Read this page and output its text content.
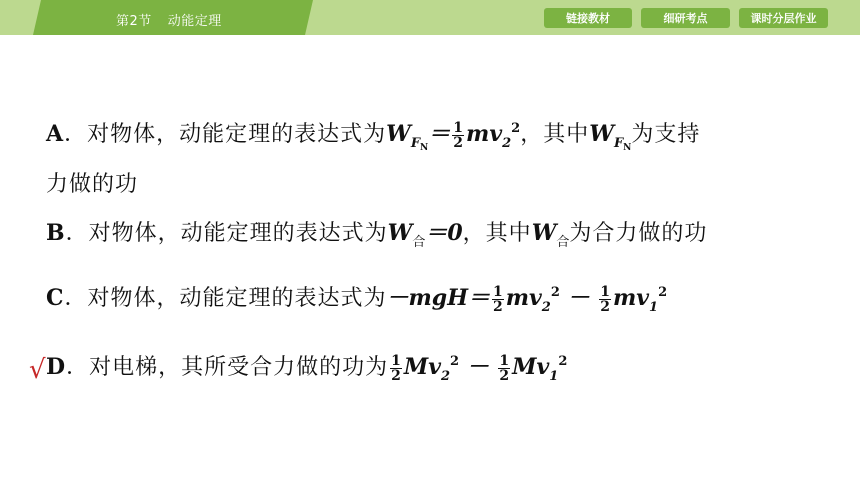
第2节 动能定理	链接教材	细研考点	课时分层作业
A．对物体，动能定理的表达式为$W_{F_N}= \frac{1}{2} mv_2^2$，其中$W_{F_N}$为支持
力做的功
B．对物体，动能定理的表达式为$W_合=0$，其中$W_合$为合力做的功
C．对物体，动能定理的表达式为$-mgH= \frac{1}{2} mv_2^2 - \frac{1}{2} mv_1^2$
√ D．对电梯，其所受合力做的功为 $\frac{1}{2} Mv_2^2 - \frac{1}{2} Mv_1^2$
